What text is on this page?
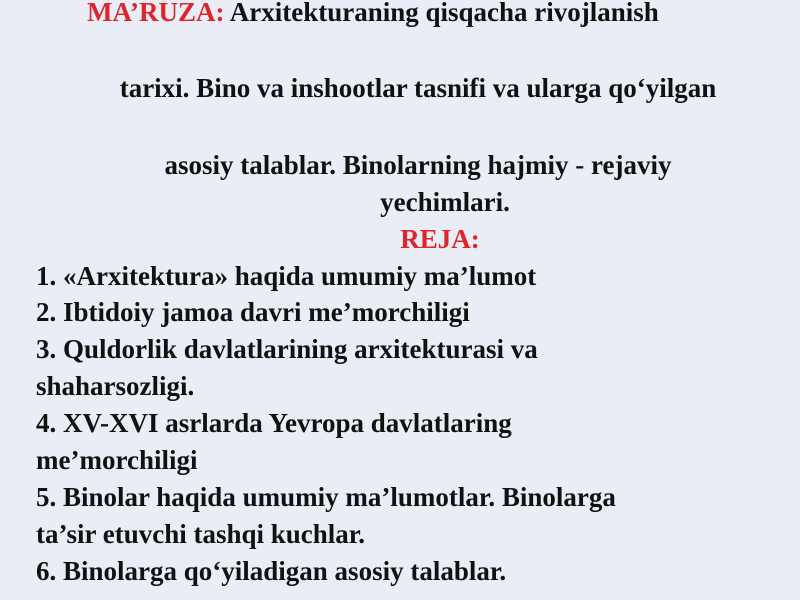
MA’RUZA: Arxitekturaning qisqacha rivojlanish
tarixi. Bino va inshootlar tasnifi va ularga qo‘yilgan
asosiy talablar. Binolarning hajmiy - rejaviy
yechimlari.
REJA:
1. «Arxitektura» haqida umumiy ma’lumot
2. Ibtidoiy jamoa davri me’morchiligi
3. Quldorlik davlatlarining arxitekturasi va
shaharsozligi.
4. XV-XVI asrlarda Yevropa davlatlaring
me’morchiligi
5. Binolar haqida umumiy ma’lumotlar. Binolarga
ta’sir etuvchi tashqi kuchlar.
6. Binolarga qo‘yiladigan asosiy talablar.
